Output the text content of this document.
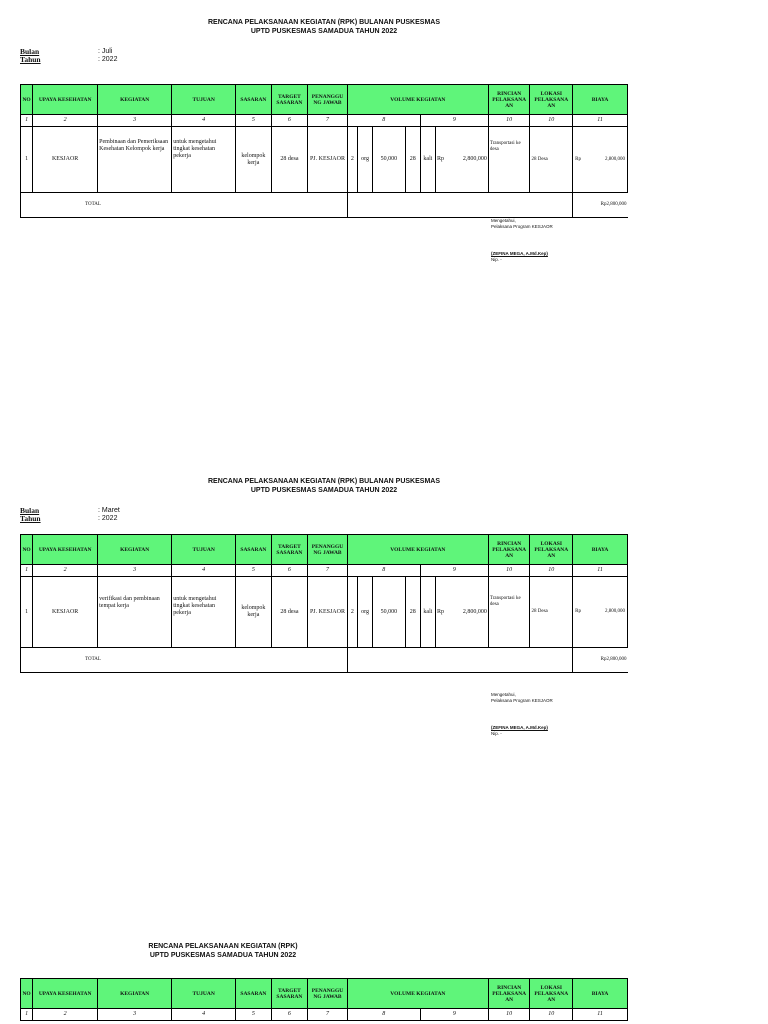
RENCANA PELAKSANAAN KEGIATAN (RPK) BULANAN PUSKESMAS
UPTD PUSKESMAS SAMADUA TAHUN 2022
Bulan	: Juli
Tahun	: 2022
NO	UPAYA KESEHATAN	KEGIATAN	TUJUAN	SASARAN	TARGET SASARAN	PENANGGU NG JAWAB	VOLUME KEGIATAN							RINCIAN PELAKSANA AN	LOKASI PELAKSANA AN	BIAYA
1	2	3	4	5	6	7	8				9			10	10	11
1	KESJAOR	Pembinaan dan Pemeriksaan Kesehatan Kelompok kerja	untuk mengetahui tingkat kesehatan pekerja	kelompok kerja	28 desa	PJ. KESJAOR	2	org	50,000	28	kali	Rp	2,800,000	Transportasi ke desa	28 Desa	Rp 2,800,000

TOTAL																Rp2,800,000
Mengetahui,
Pelaksana Program KESJAOR
(ZEFINA MEGA, A.Md.Kep)
Nip. -
RENCANA PELAKSANAAN KEGIATAN (RPK) BULANAN PUSKESMAS
UPTD PUSKESMAS SAMADUA TAHUN 2022
Bulan	: Maret
Tahun	: 2022
NO	UPAYA KESEHATAN	KEGIATAN	TUJUAN	SASARAN	TARGET SASARAN	PENANGGU NG JAWAB	VOLUME KEGIATAN							RINCIAN PELAKSANA AN	LOKASI PELAKSANA AN	BIAYA
1	2	3	4	5	6	7	8				9			10	10	11
1	KESJAOR	verifikasi dan pembinaan tempat kerja	untuk mengetahui tingkat kesehatan pekerja	kelompok kerja	28 desa	PJ. KESJAOR	2	org	50,000	28	kali	Rp	2,800,000	Transportasi ke desa	28 Desa	Rp 2,800,000

TOTAL																Rp2,800,000
Mengetahui,
Pelaksana Program KESJAOR
(ZEFINA MEGA, A.Md.Kep)
Nip. -
RENCANA PELAKSANAAN KEGIATAN (RPK)
UPTD PUSKESMAS SAMADUA TAHUN 2022
NO	UPAYA KESEHATAN	KEGIATAN	TUJUAN	SASARAN	TARGET SASARAN	PENANGGU NG JAWAB	VOLUME KEGIATAN		RINCIAN PELAKSANA AN	LOKASI PELAKSANA AN	BIAYA
1	2	3	4	5	6	7	8	9	10	10	11
